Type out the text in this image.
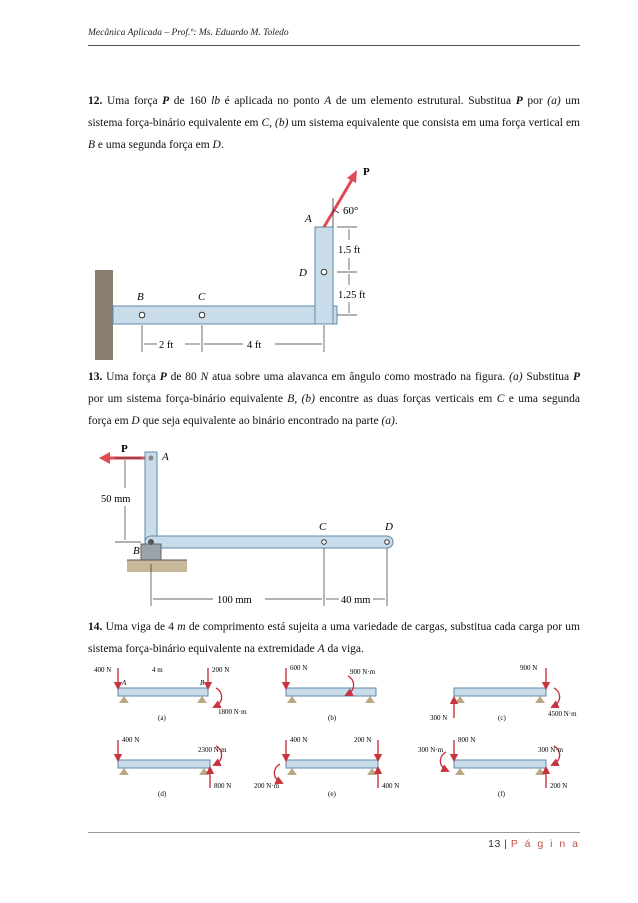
Mecânica Aplicada – Prof.º: Ms. Eduardo M. Toledo
12. Uma força P de 160 lb é aplicada no ponto A de um elemento estrutural. Substitua P por (a) um sistema força-binário equivalente em C, (b) um sistema equivalente que consista em uma força vertical em B e uma segunda força em D.
B	C
D
A
P
60°
1.5 ft
1.25 ft
2 ft	4 ft
13. Uma força P de 80 N atua sobre uma alavanca em ângulo como mostrado na figura. (a) Substitua P por um sistema força-binário equivalente B, (b) encontre as duas forças verticais em C e uma segunda força em D que seja equivalente ao binário encontrado na parte (a).
P
A
C	D
B
50 mm
100 mm	40 mm
14. Uma viga de 4 m de comprimento está sujeita a uma variedade de cargas, substitua cada carga por um sistema força-binário equivalente na extremidade A da viga.
400 N	4 m	200 N
1800 N·m
A	B
(a)
600 N	900 N·m
(b)
900 N
300 N	4500 N·m
(c)
400 N
2300 N·m
800 N
(d)
400 N	200 N
200 N·m	400 N
(e)
800 N
300 N·m	300 N·m
200 N
(f)
13 | P á g i n a
